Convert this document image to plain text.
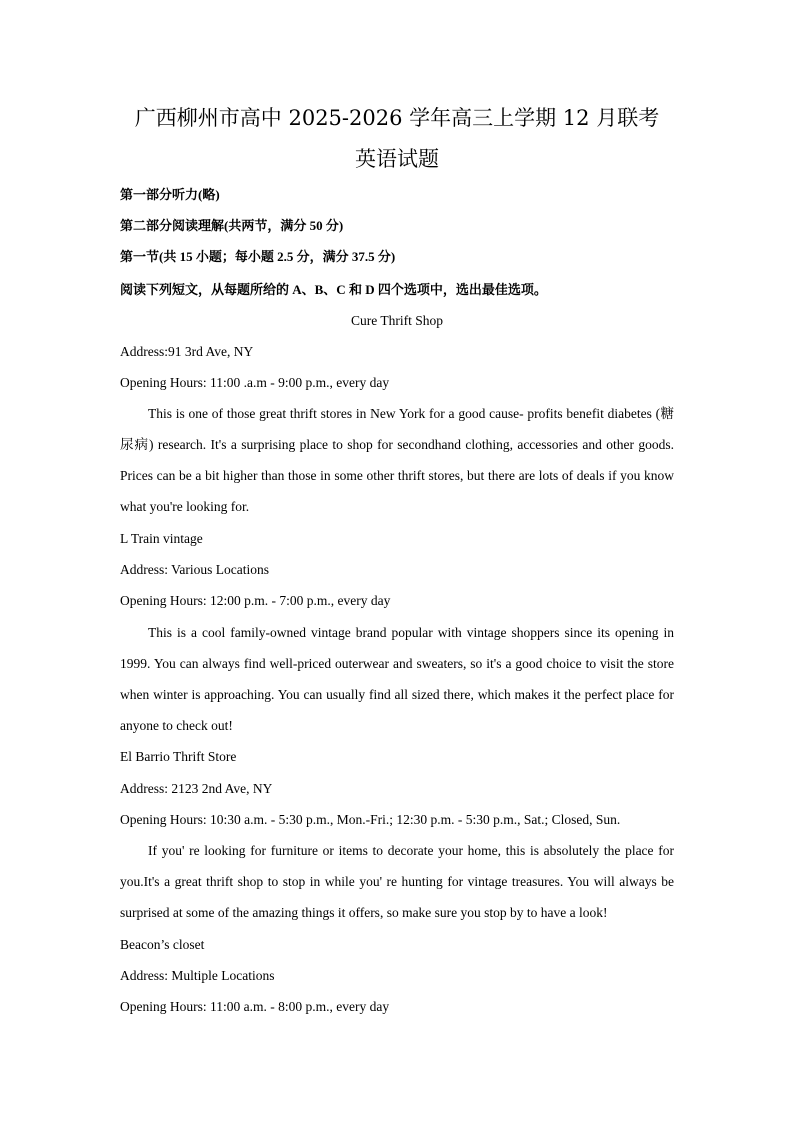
广西柳州市高中 2025-2026 学年高三上学期 12 月联考
英语试题
第一部分听力(略)
第二部分阅读理解(共两节，满分 50 分)
第一节(共 15 小题；每小题 2.5 分，满分 37.5 分)
阅读下列短文，从每题所给的 A、B、C 和 D 四个选项中，选出最佳选项。
Cure Thrift Shop
Address:91 3rd Ave, NY
Opening Hours: 11:00 .a.m - 9:00 p.m., every day
This is one of those great thrift stores in New York for a good cause- profits benefit diabetes (糖尿病) research. It's a surprising place to shop for secondhand clothing, accessories and other goods. Prices can be a bit higher than those in some other thrift stores, but there are lots of deals if you know what you're looking for.
L Train vintage
Address: Various Locations
Opening Hours: 12:00 p.m. - 7:00 p.m., every day
This is a cool family-owned vintage brand popular with vintage shoppers since its opening in 1999. You can always find well-priced outerwear and sweaters, so it's a good choice to visit the store when winter is approaching. You can usually find all sized there, which makes it the perfect place for anyone to check out!
El Barrio Thrift Store
Address: 2123 2nd Ave, NY
Opening Hours: 10:30 a.m. - 5:30 p.m., Mon.-Fri.; 12:30 p.m. - 5:30 p.m., Sat.; Closed, Sun.
If you' re looking for furniture or items to decorate your home, this is absolutely the place for you.It's a great thrift shop to stop in while you' re hunting for vintage treasures. You will always be surprised at some of the amazing things it offers, so make sure you stop by to have a look!
Beacon’s closet
Address: Multiple Locations
Opening Hours: 11:00 a.m. - 8:00 p.m., every day
